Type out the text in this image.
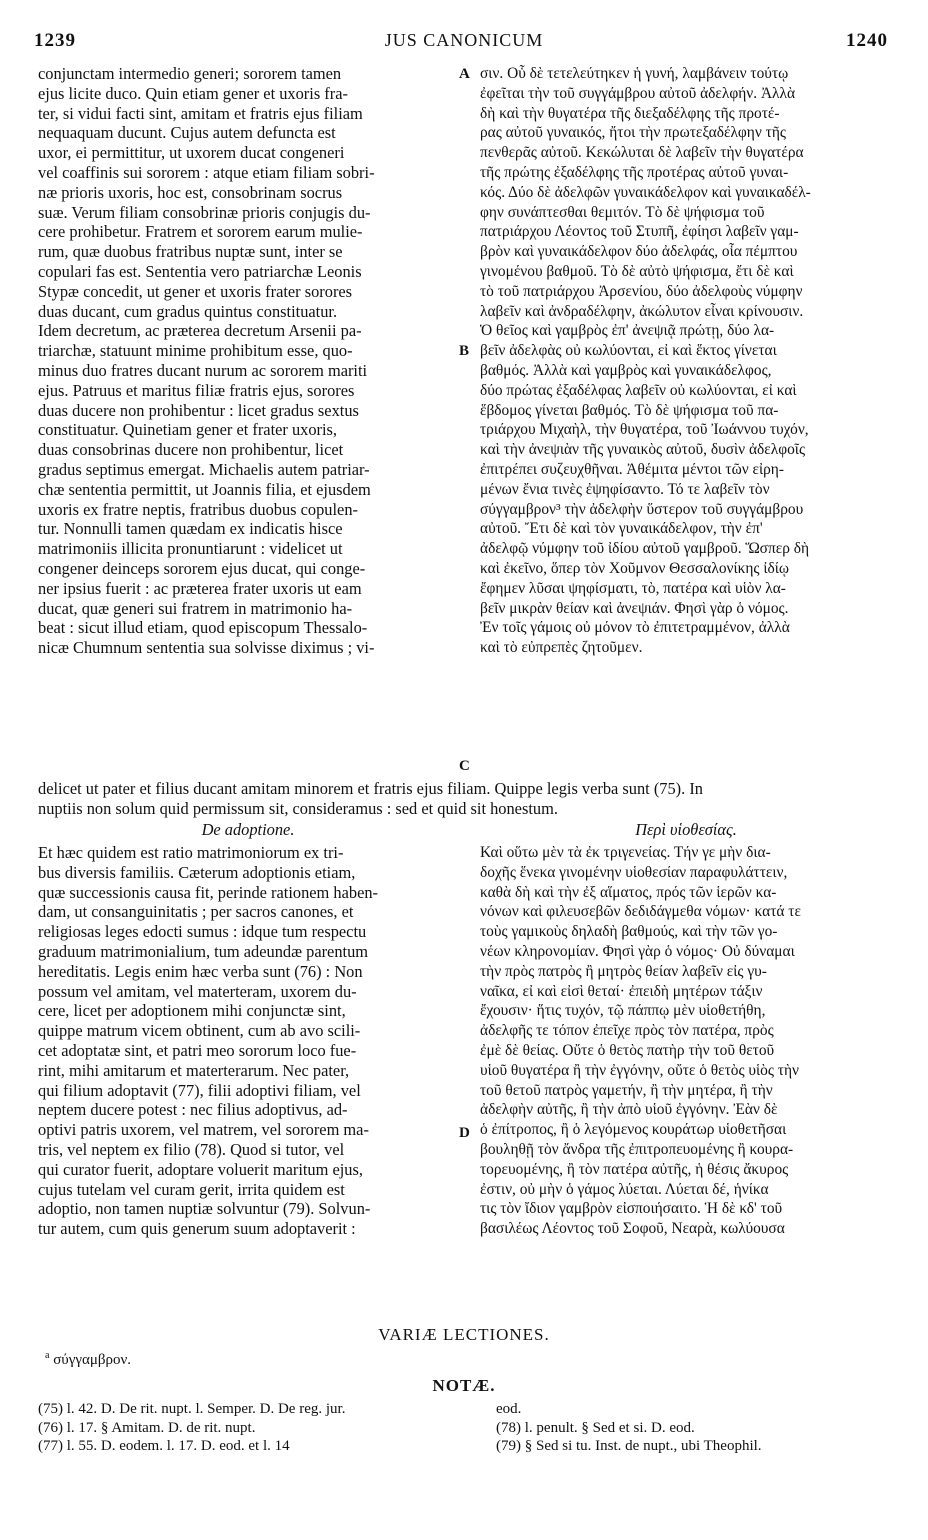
1239	JUS CANONICUM	1240
conjunctam intermedio generi; sororem tamen
ejus licite duco. Quin etiam gener et uxoris fra-
ter, si vidui facti sint, amitam et fratris ejus filiam
nequaquam ducunt. Cujus autem defuncta est
uxor, ei permittitur, ut uxorem ducat congeneri
vel coaffinis sui sororem : atque etiam filiam sobri-
næ prioris uxoris, hoc est, consobrinam socrus
suæ. Verum filiam consobrinæ prioris conjugis du-
cere prohibetur. Fratrem et sororem earum mulie-
rum, quæ duobus fratribus nuptæ sunt, inter se
copulari fas est. Sententia vero patriarchæ Leonis
Stypæ concedit, ut gener et uxoris frater sorores
duas ducant, cum gradus quintus constituatur.
Idem decretum, ac præterea decretum Arsenii pa-
triarchæ, statuunt minime prohibitum esse, quo-
minus duo fratres ducant nurum ac sororem mariti
ejus. Patruus et maritus filiæ fratris ejus, sorores
duas ducere non prohibentur : licet gradus sextus
constituatur. Quinetiam gener et frater uxoris,
duas consobrinas ducere non prohibentur, licet
gradus septimus emergat. Michaelis autem patriar-
chæ sententia permittit, ut Joannis filia, et ejusdem
uxoris ex fratre neptis, fratribus duobus copulen-
tur. Nonnulli tamen quædam ex indicatis hisce
matrimoniis illicita pronuntiarunt : videlicet ut
congener deinceps sororem ejus ducat, qui conge-
ner ipsius fuerit : ac præterea frater uxoris ut eam
ducat, quæ generi sui fratrem in matrimonio ha-
beat : sicut illud etiam, quod episcopum Thessalo-
nicæ Chumnum sententia sua solvisse diximus ; vi-
σιν. Οὗ δὲ τετελεύτηκεν ἡ γυνή, λαμβάνειν τούτῳ
ἐφεῖται τὴν τοῦ συγγάμβρου αὐτοῦ ἀδελφήν. Ἀλλὰ
δὴ καὶ τὴν θυγατέρα τῆς διεξαδέλφης τῆς προτέ-
ρας αὐτοῦ γυναικός, ἤτοι τὴν πρωτεξαδέλφην τῆς
πενθερᾶς αὐτοῦ. Κεκώλυται δὲ λαβεῖν τὴν θυγατέρα
τῆς πρώτης ἐξαδέλφης τῆς προτέρας αὐτοῦ γυναι-
κός. Δύο δὲ ἀδελφῶν γυναικάδελφον καὶ γυναικαδέλ-
φην συνάπτεσθαι θεμιτόν. Τὸ δὲ ψήφισμα τοῦ
πατριάρχου Λέοντος τοῦ Στυπῆ, ἐφίησι λαβεῖν γαμ-
βρὸν καὶ γυναικάδελφον δύο ἀδελφάς, οἷα πέμπτου
γινομένου βαθμοῦ. Τὸ δὲ αὐτὸ ψήφισμα, ἔτι δὲ καὶ
τὸ τοῦ πατριάρχου Ἀρσενίου, δύο ἀδελφοὺς νύμφην
λαβεῖν καὶ ἀνδραδέλφην, ἀκώλυτον εἶναι κρίνουσιν.
Ὁ θεῖος καὶ γαμβρὸς ἐπ' ἀνεψιᾷ πρώτῃ, δύο λα-
βεῖν ἀδελφὰς οὐ κωλύονται, εἰ καὶ ἕκτος γίνεται
βαθμός. Ἀλλὰ καὶ γαμβρὸς καὶ γυναικάδελφος,
δύο πρώτας ἐξαδέλφας λαβεῖν οὐ κωλύονται, εἰ καὶ
ἕβδομος γίνεται βαθμός. Τὸ δὲ ψήφισμα τοῦ πα-
τριάρχου Μιχαὴλ, τὴν θυγατέρα, τοῦ Ἰωάννου τυχόν,
καὶ τὴν ἀνεψιὰν τῆς γυναικὸς αὐτοῦ, δυσὶν ἀδελφοῖς
ἐπιτρέπει συζευχθῆναι. Ἀθέμιτα μέντοι τῶν εἰρη-
μένων ἔνια τινὲς ἐψηφίσαντο. Τό τε λαβεῖν τὸν
σύγγαμβρον³ τὴν ἀδελφὴν ὕστερον τοῦ συγγάμβρου
αὐτοῦ. Ἔτι δὲ καὶ τὸν γυναικάδελφον, τὴν ἐπ'
ἀδελφῷ νύμφην τοῦ ἰδίου αὐτοῦ γαμβροῦ. Ὥσπερ δὴ
καὶ ἐκεῖνο, ὅπερ τὸν Χοῦμνον Θεσσαλονίκης ἰδίῳ
ἔφημεν λῦσαι ψηφίσματι, τὸ, πατέρα καὶ υἱὸν λα-
βεῖν μικρὰν θείαν καὶ ἀνεψιάν. Φησὶ γὰρ ὁ νόμος.
Ἐν τοῖς γάμοις οὐ μόνον τὸ ἐπιτετραμμένον, ἀλλὰ
καὶ τὸ εὐπρεπὲς ζητοῦμεν.
A
B
C
D
delicet ut pater et filius ducant amitam minorem et fratris ejus filiam. Quippe legis verba sunt (75). In
nuptiis non solum quid permissum sit, consideramus : sed et quid sit honestum.
De adoptione.	Περὶ υἱοθεσίας.
Et hæc quidem est ratio matrimoniorum ex tri-
bus diversis familiis. Cæterum adoptionis etiam,
quæ successionis causa fit, perinde rationem haben-
dam, ut consanguinitatis ; per sacros canones, et
religiosas leges edocti sumus : idque tum respectu
graduum matrimonialium, tum adeundæ parentum
hereditatis. Legis enim hæc verba sunt (76) : Non
possum vel amitam, vel materteram, uxorem du-
cere, licet per adoptionem mihi conjunctæ sint,
quippe matrum vicem obtinent, cum ab avo scili-
cet adoptatæ sint, et patri meo sororum loco fue-
rint, mihi amitarum et materterarum. Nec pater,
qui filium adoptavit (77), filii adoptivi filiam, vel
neptem ducere potest : nec filius adoptivus, ad-
optivi patris uxorem, vel matrem, vel sororem ma-
tris, vel neptem ex filio (78). Quod si tutor, vel
qui curator fuerit, adoptare voluerit maritum ejus,
cujus tutelam vel curam gerit, irrita quidem est
adoptio, non tamen nuptiæ solvuntur (79). Solvun-
tur autem, cum quis generum suum adoptaverit :
Καὶ οὕτω μὲν τὰ ἐκ τριγενείας. Τήν γε μὴν δια-
δοχῆς ἕνεκα γινομένην υἱοθεσίαν παραφυλάττειν,
καθὰ δὴ καὶ τὴν ἐξ αἵματος, πρός τῶν ἱερῶν κα-
νόνων καὶ φιλευσεβῶν δεδιδάγμεθα νόμων· κατά τε
τοὺς γαμικοὺς δηλαδὴ βαθμούς, καὶ τὴν τῶν γο-
νέων κληρονομίαν. Φησὶ γὰρ ὁ νόμος· Οὐ δύναμαι
τὴν πρὸς πατρὸς ἢ μητρὸς θείαν λαβεῖν εἰς γυ-
ναῖκα, εἰ καὶ εἰσὶ θεταί· ἐπειδὴ μητέρων τάξιν
ἔχουσιν· ἥτις τυχόν, τῷ πάππῳ μὲν υἱοθετήθη,
ἀδελφῆς τε τόπον ἐπεῖχε πρὸς τὸν πατέρα, πρὸς
ἐμὲ δὲ θείας. Οὔτε ὁ θετὸς πατὴρ τὴν τοῦ θετοῦ
υἱοῦ θυγατέρα ἢ τὴν ἐγγόνην, οὔτε ὁ θετὸς υἱὸς τὴν
τοῦ θετοῦ πατρὸς γαμετήν, ἢ τὴν μητέρα, ἢ τὴν
ἀδελφὴν αὐτῆς, ἢ τὴν ἀπὸ υἱοῦ ἐγγόνην. Ἐὰν δὲ
ὁ ἐπίτροπος, ἢ ὁ λεγόμενος κουράτωρ υἱοθετῆσαι
βουληθῇ τὸν ἄνδρα τῆς ἐπιτροπευομένης ἢ κουρα-
τορευομένης, ἢ τὸν πατέρα αὐτῆς, ἡ θέσις ἄκυρος
ἐστιν, οὐ μὴν ὁ γάμος λύεται. Λύεται δέ, ἡνίκα
τις τὸν ἴδιον γαμβρὸν εἰσποιήσαιτο. Ἡ δὲ κδ' τοῦ
βασιλέως Λέοντος τοῦ Σοφοῦ, Νεαρὰ, κωλύουσα
VARIÆ LECTIONES.
$^a$ σύγγαμβρον.
NOTÆ.
(75) l. 42. D. De rit. nupt. l. Semper. D. De reg. jur.
(76) l. 17. § Amitam. D. de rit. nupt.
(77) l. 55. D. eodem. l. 17. D. eod. et l. 14
eod.
(78) l. penult. § Sed et si. D. eod.
(79) § Sed si tu. Inst. de nupt., ubi Theophil.
